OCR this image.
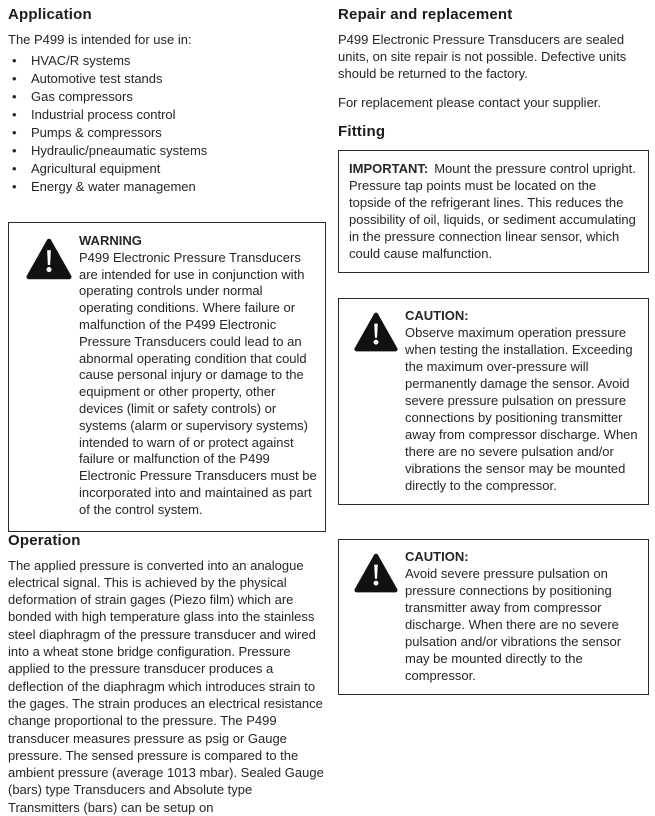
Application

The P499 is intended for use in:

• HVAC/R systems
• Automotive test stands
• Gas compressors
• Industrial process control
• Pumps & compressors
• Hydraulic/pneaumatic systems
• Agricultural equipment
• Energy & water managemen
WARNING
P499 Electronic Pressure Transducers are intended for use in conjunction with operating controls under normal operating conditions. Where failure or malfunction of the P499 Electronic Pressure Transducers could lead to an abnormal operating condition that could cause personal injury or damage to the equipment or other property, other devices (limit or safety controls) or systems (alarm or supervisory systems) intended to warn of or protect against failure or malfunction of the P499 Electronic Pressure Transducers must be incorporated into and maintained as part of the control system.
Operation

The applied pressure is converted into an analogue electrical signal. This is achieved by the physical deformation of strain gages (Piezo film) which are bonded with high temperature glass into the stainless steel diaphragm of the pressure transducer and wired into a wheat stone bridge configuration. Pressure applied to the pressure transducer produces a deflection of the diaphragm which introduces strain to the gages. The strain produces an electrical resistance change proportional to the pressure. The P499 transducer measures pressure as psig or Gauge pressure. The sensed pressure is compared to the ambient pressure (average 1013 mbar). Sealed Gauge (bars) type Transducers and Absolute type Transmitters (bars) can be setup on

Repair and replacement

P499 Electronic Pressure Transducers are sealed units, on site repair is not possible. Defective units should be returned to the factory.

For replacement please contact your supplier.

Fitting
IMPORTANT: Mount the pressure control upright. Pressure tap points must be located on the topside of the refrigerant lines. This reduces the possibility of oil, liquids, or sediment accumulating in the pressure connection linear sensor, which could cause malfunction.
CAUTION:
Observe maximum operation pressure when testing the installation. Exceeding the maximum over-pressure will permanently damage the sensor. Avoid severe pressure pulsation on pressure connections by positioning transmitter away from compressor discharge. When there are no severe pulsation and/or vibrations the sensor may be mounted directly to the compressor.
CAUTION:
Avoid severe pressure pulsation on pressure connections by positioning transmitter away from compressor discharge. When there are no severe pulsation and/or vibrations the sensor may be mounted directly to the compressor.
